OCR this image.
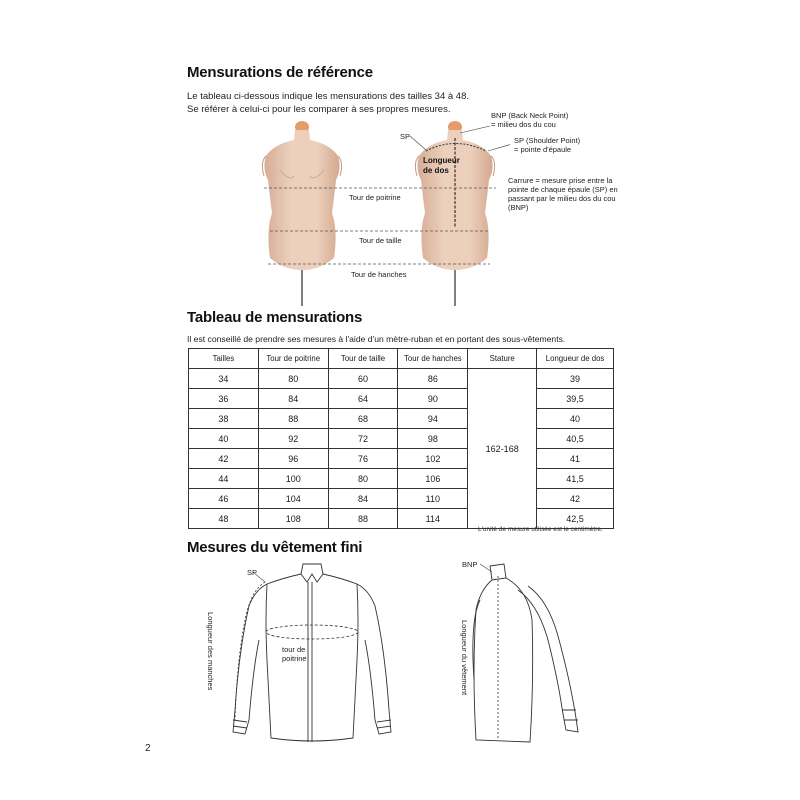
Mensurations de référence
Le tableau ci-dessous indique les mensurations des tailles 34 à 48.
Se référer à celui-ci pour les comparer à ses propres mesures.
Tour de poitrine
Tour de taille
Tour de hanches
SP
Longueur de dos
BNP (Back Neck Point)
= milieu dos du cou
SP (Shoulder Point)
= pointe d'épaule
Carrure = mesure prise entre la pointe de chaque épaule (SP) en passant par le milieu dos du cou (BNP)
Tableau de mensurations
Il est conseillé de prendre ses mesures à l'aide d'un mètre-ruban et en portant des sous-vêtements.
Tailles	Tour de poitrine	Tour de taille	Tour de hanches	Stature	Longueur de dos
34	80	60	86	162-168	39
36	84	64	90		39,5
38	88	68	94		40
40	92	72	98		40,5
42	96	76	102		41
44	100	80	106		41,5
46	104	84	110		42
48	108	88	114		42,5
L'unité de mesure utilisée est le centimètre.
Mesures du vêtement fini
SP
tour de
poitrine
Longueur des manches
BNP
Longueur du vêtement
2
